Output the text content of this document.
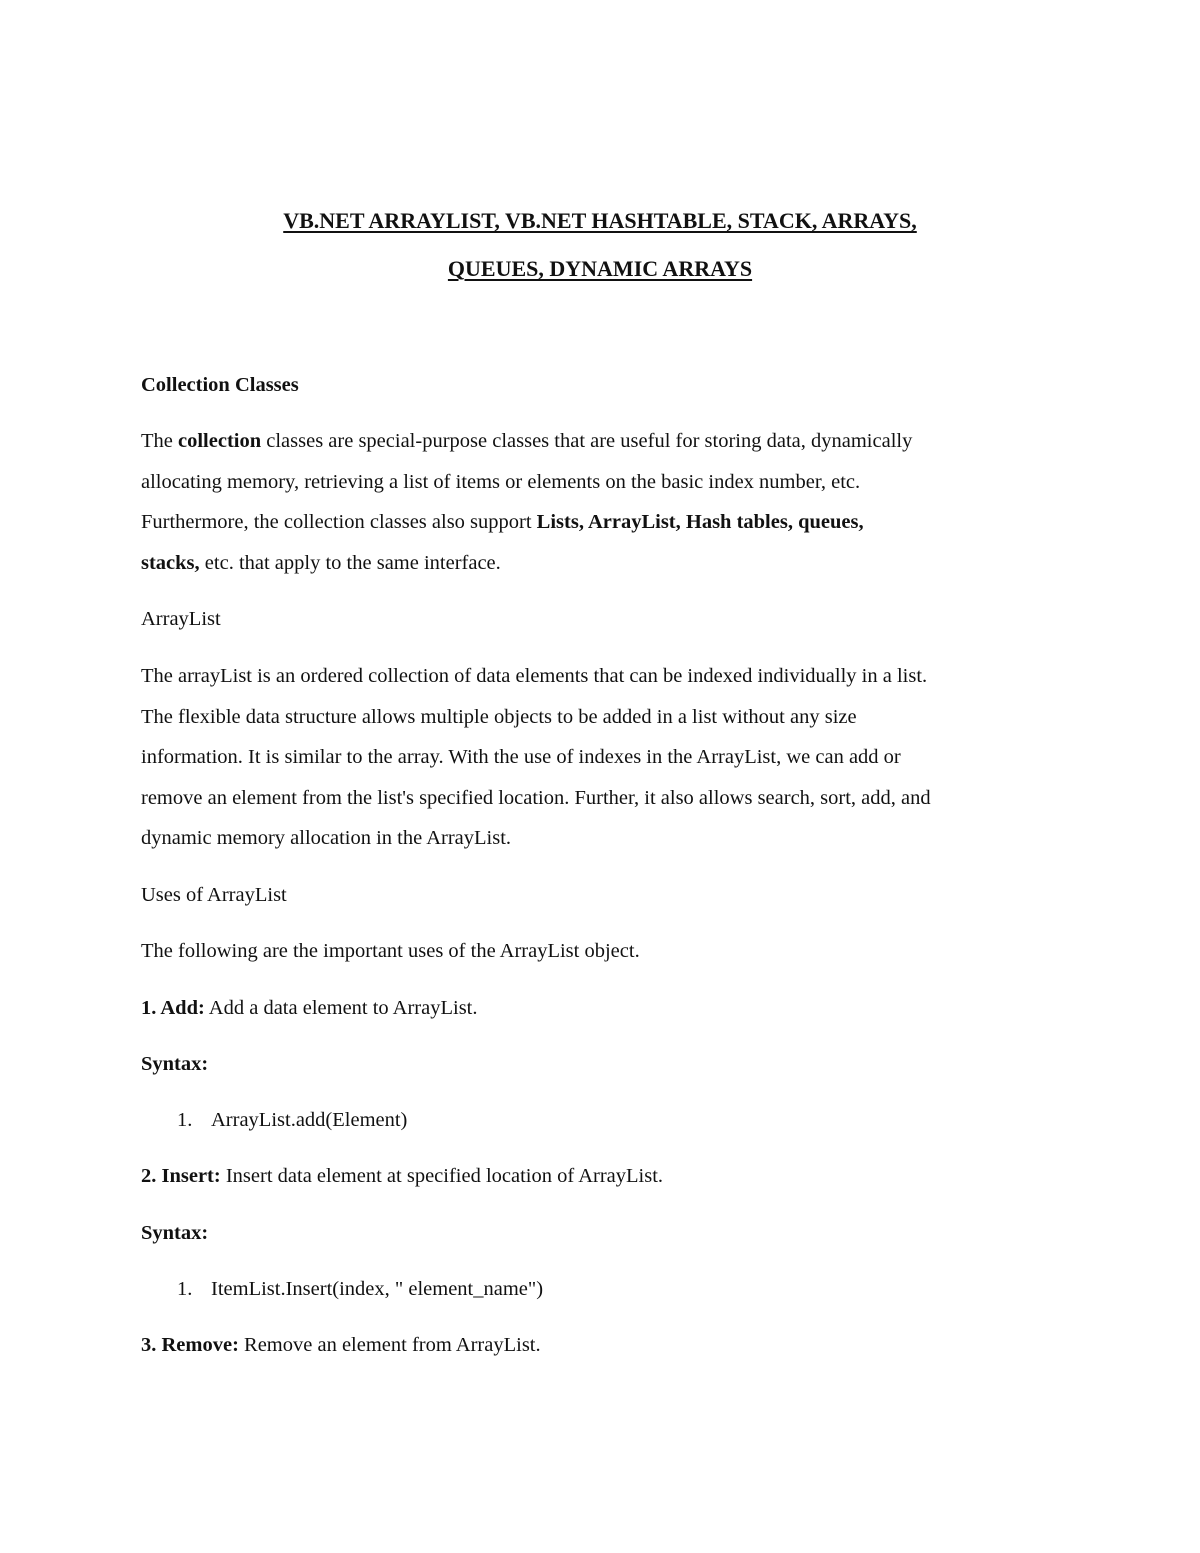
VB.NET ARRAYLIST, VB.NET HASHTABLE, STACK, ARRAYS,
QUEUES, DYNAMIC ARRAYS
Collection Classes
The collection classes are special-purpose classes that are useful for storing data, dynamically
allocating memory, retrieving a list of items or elements on the basic index number, etc.
Furthermore, the collection classes also support Lists, ArrayList, Hash tables, queues,
stacks, etc. that apply to the same interface.
ArrayList
The arrayList is an ordered collection of data elements that can be indexed individually in a list.
The flexible data structure allows multiple objects to be added in a list without any size
information. It is similar to the array. With the use of indexes in the ArrayList, we can add or
remove an element from the list's specified location. Further, it also allows search, sort, add, and
dynamic memory allocation in the ArrayList.
Uses of ArrayList
The following are the important uses of the ArrayList object.
1. Add: Add a data element to ArrayList.
Syntax:
1. ArrayList.add(Element)
2. Insert: Insert data element at specified location of ArrayList.
Syntax:
1. ItemList.Insert(index, " element_name")
3. Remove: Remove an element from ArrayList.
